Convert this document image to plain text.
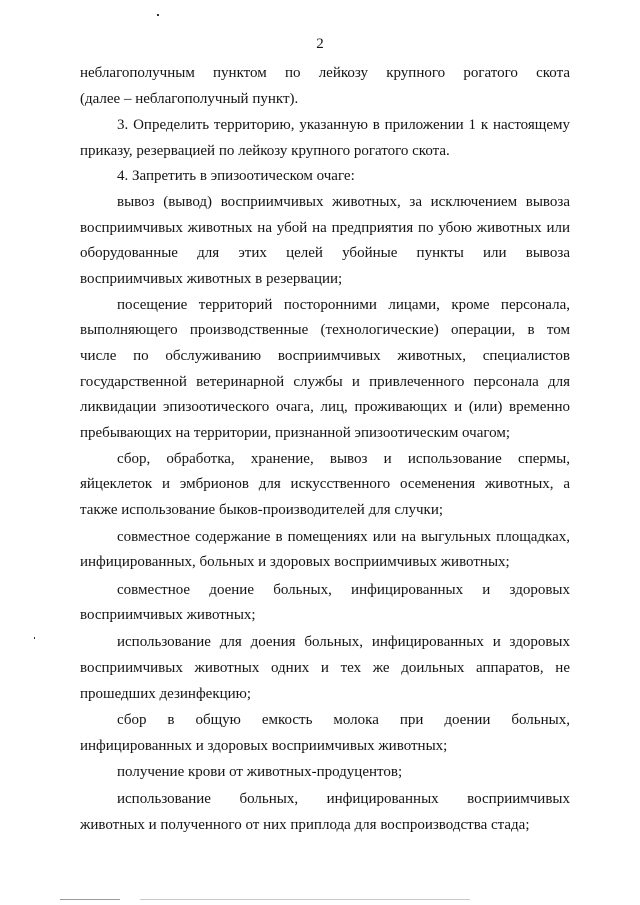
2
неблагополучным пунктом по лейкозу крупного рогатого скота
(далее – неблагополучный пункт).
3. Определить территорию, указанную в приложении 1 к настоящему
приказу, резервацией по лейкозу крупного рогатого скота.
4. Запретить в эпизоотическом очаге:
вывоз (вывод) восприимчивых животных, за исключением вывоза
восприимчивых животных на убой на предприятия по убою животных или
оборудованные для этих целей убойные пункты или вывоза
восприимчивых животных в резервации;
посещение территорий посторонними лицами, кроме персонала,
выполняющего производственные (технологические) операции, в том
числе по обслуживанию восприимчивых животных, специалистов
государственной ветеринарной службы и привлеченного персонала для
ликвидации эпизоотического очага, лиц, проживающих и (или) временно
пребывающих на территории, признанной эпизоотическим очагом;
сбор, обработка, хранение, вывоз и использование спермы,
яйцеклеток и эмбрионов для искусственного осеменения животных, а
также использование быков-производителей для случки;
совместное содержание в помещениях или на выгульных площадках,
инфицированных, больных и здоровых восприимчивых животных;
совместное доение больных, инфицированных и здоровых
восприимчивых животных;
использование для доения больных, инфицированных и здоровых
восприимчивых животных одних и тех же доильных аппаратов, не
прошедших дезинфекцию;
сбор в общую емкость молока при доении больных,
инфицированных и здоровых восприимчивых животных;
получение крови от животных-продуцентов;
использование больных, инфицированных восприимчивых
животных и полученного от них приплода для воспроизводства стада;
